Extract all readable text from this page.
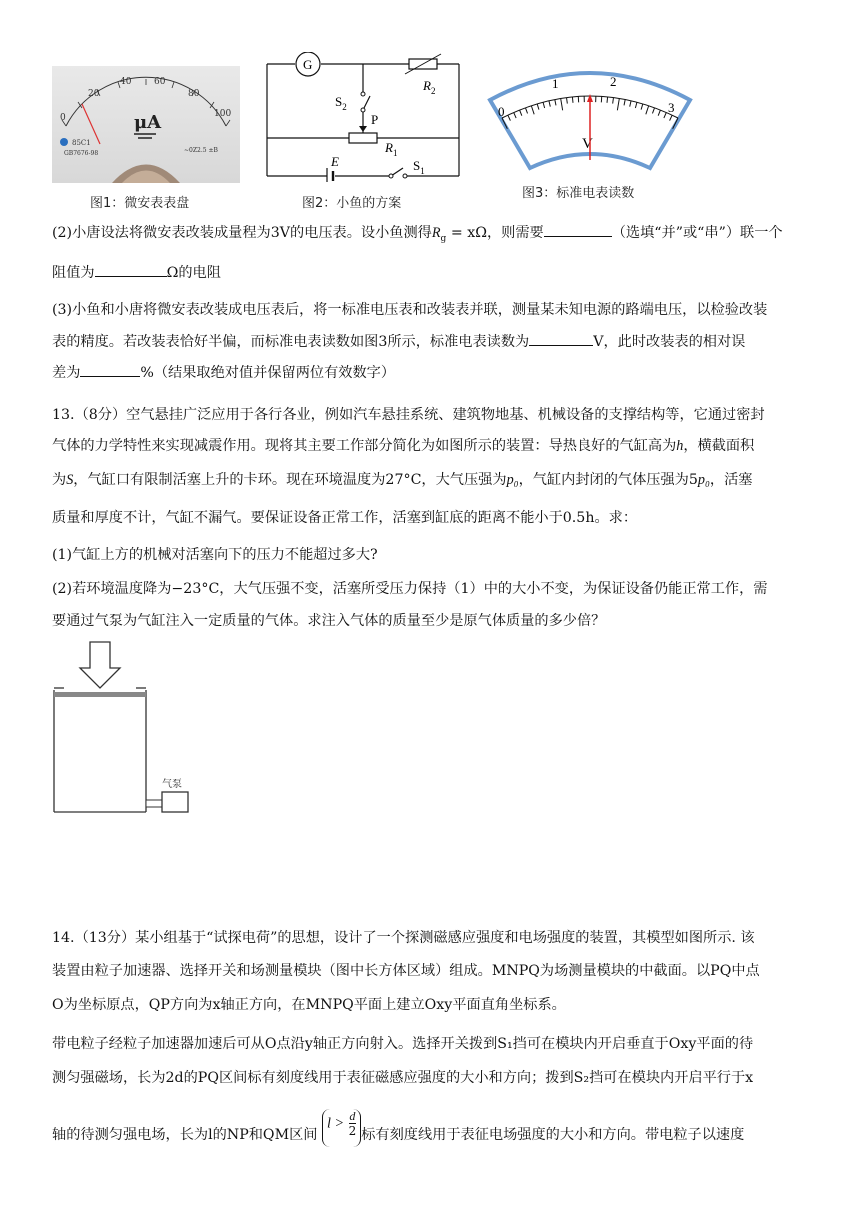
0
20
40	60
80
100
μA
85C1
GB7676-98	~0Z2.5 ±B
图1：微安表表盘
G
$R_2$
$S_2$
P
$R_1$
E	$S_1$
图2：小鱼的方案
0
1	2
3
V
图3：标准电表读数
(2)小唐设法将微安表改装成量程为3V的电压表。设小鱼测得$R_g = x\Omega$，则需要	（选填“并”或“串”）联一个
阻值为	Ω的电阻
(3)小鱼和小唐将微安表改装成电压表后，将一标准电压表和改装表并联，测量某未知电源的路端电压，以检验改装
表的精度。若改装表恰好半偏，而标准电表读数如图3所示，标准电表读数为	V，此时改装表的相对误
差为	%（结果取绝对值并保留两位有效数字）
13.（8分）空气悬挂广泛应用于各行各业，例如汽车悬挂系统、建筑物地基、机械设备的支撑结构等，它通过密封
气体的力学特性来实现减震作用。现将其主要工作部分简化为如图所示的装置：导热良好的气缸高为h，横截面积
为S，气缸口有限制活塞上升的卡环。现在环境温度为27°C，大气压强为p₀，气缸内封闭的气体压强为5p₀，活塞
质量和厚度不计，气缸不漏气。要保证设备正常工作，活塞到缸底的距离不能小于0.5h。求：
(1)气缸上方的机械对活塞向下的压力不能超过多大?
(2)若环境温度降为−23°C，大气压强不变，活塞所受压力保持（1）中的大小不变，为保证设备仍能正常工作，需
要通过气泵为气缸注入一定质量的气体。求注入气体的质量至少是原气体质量的多少倍？
气泵
14.（13分）某小组基于“试探电荷”的思想，设计了一个探测磁感应强度和电场强度的装置，其模型如图所示. 该
装置由粒子加速器、选择开关和场测量模块（图中长方体区域）组成。MNPQ为场测量模块的中截面。以PQ中点
O为坐标原点，QP方向为x轴正方向，在MNPQ平面上建立Oxy平面直角坐标系。
带电粒子经粒子加速器加速后可从O点沿y轴正方向射入。选择开关拨到S₁挡可在模块内开启垂直于Oxy平面的待
测匀强磁场，长为2d的PQ区间标有刻度线用于表征磁感应强度的大小和方向；拨到S₂挡可在模块内开启平行于x
轴的待测匀强电场，长为l的NP和QM区间 $l > \frac{d}{2}$ 标有刻度线用于表征电场强度的大小和方向。带电粒子以速度
